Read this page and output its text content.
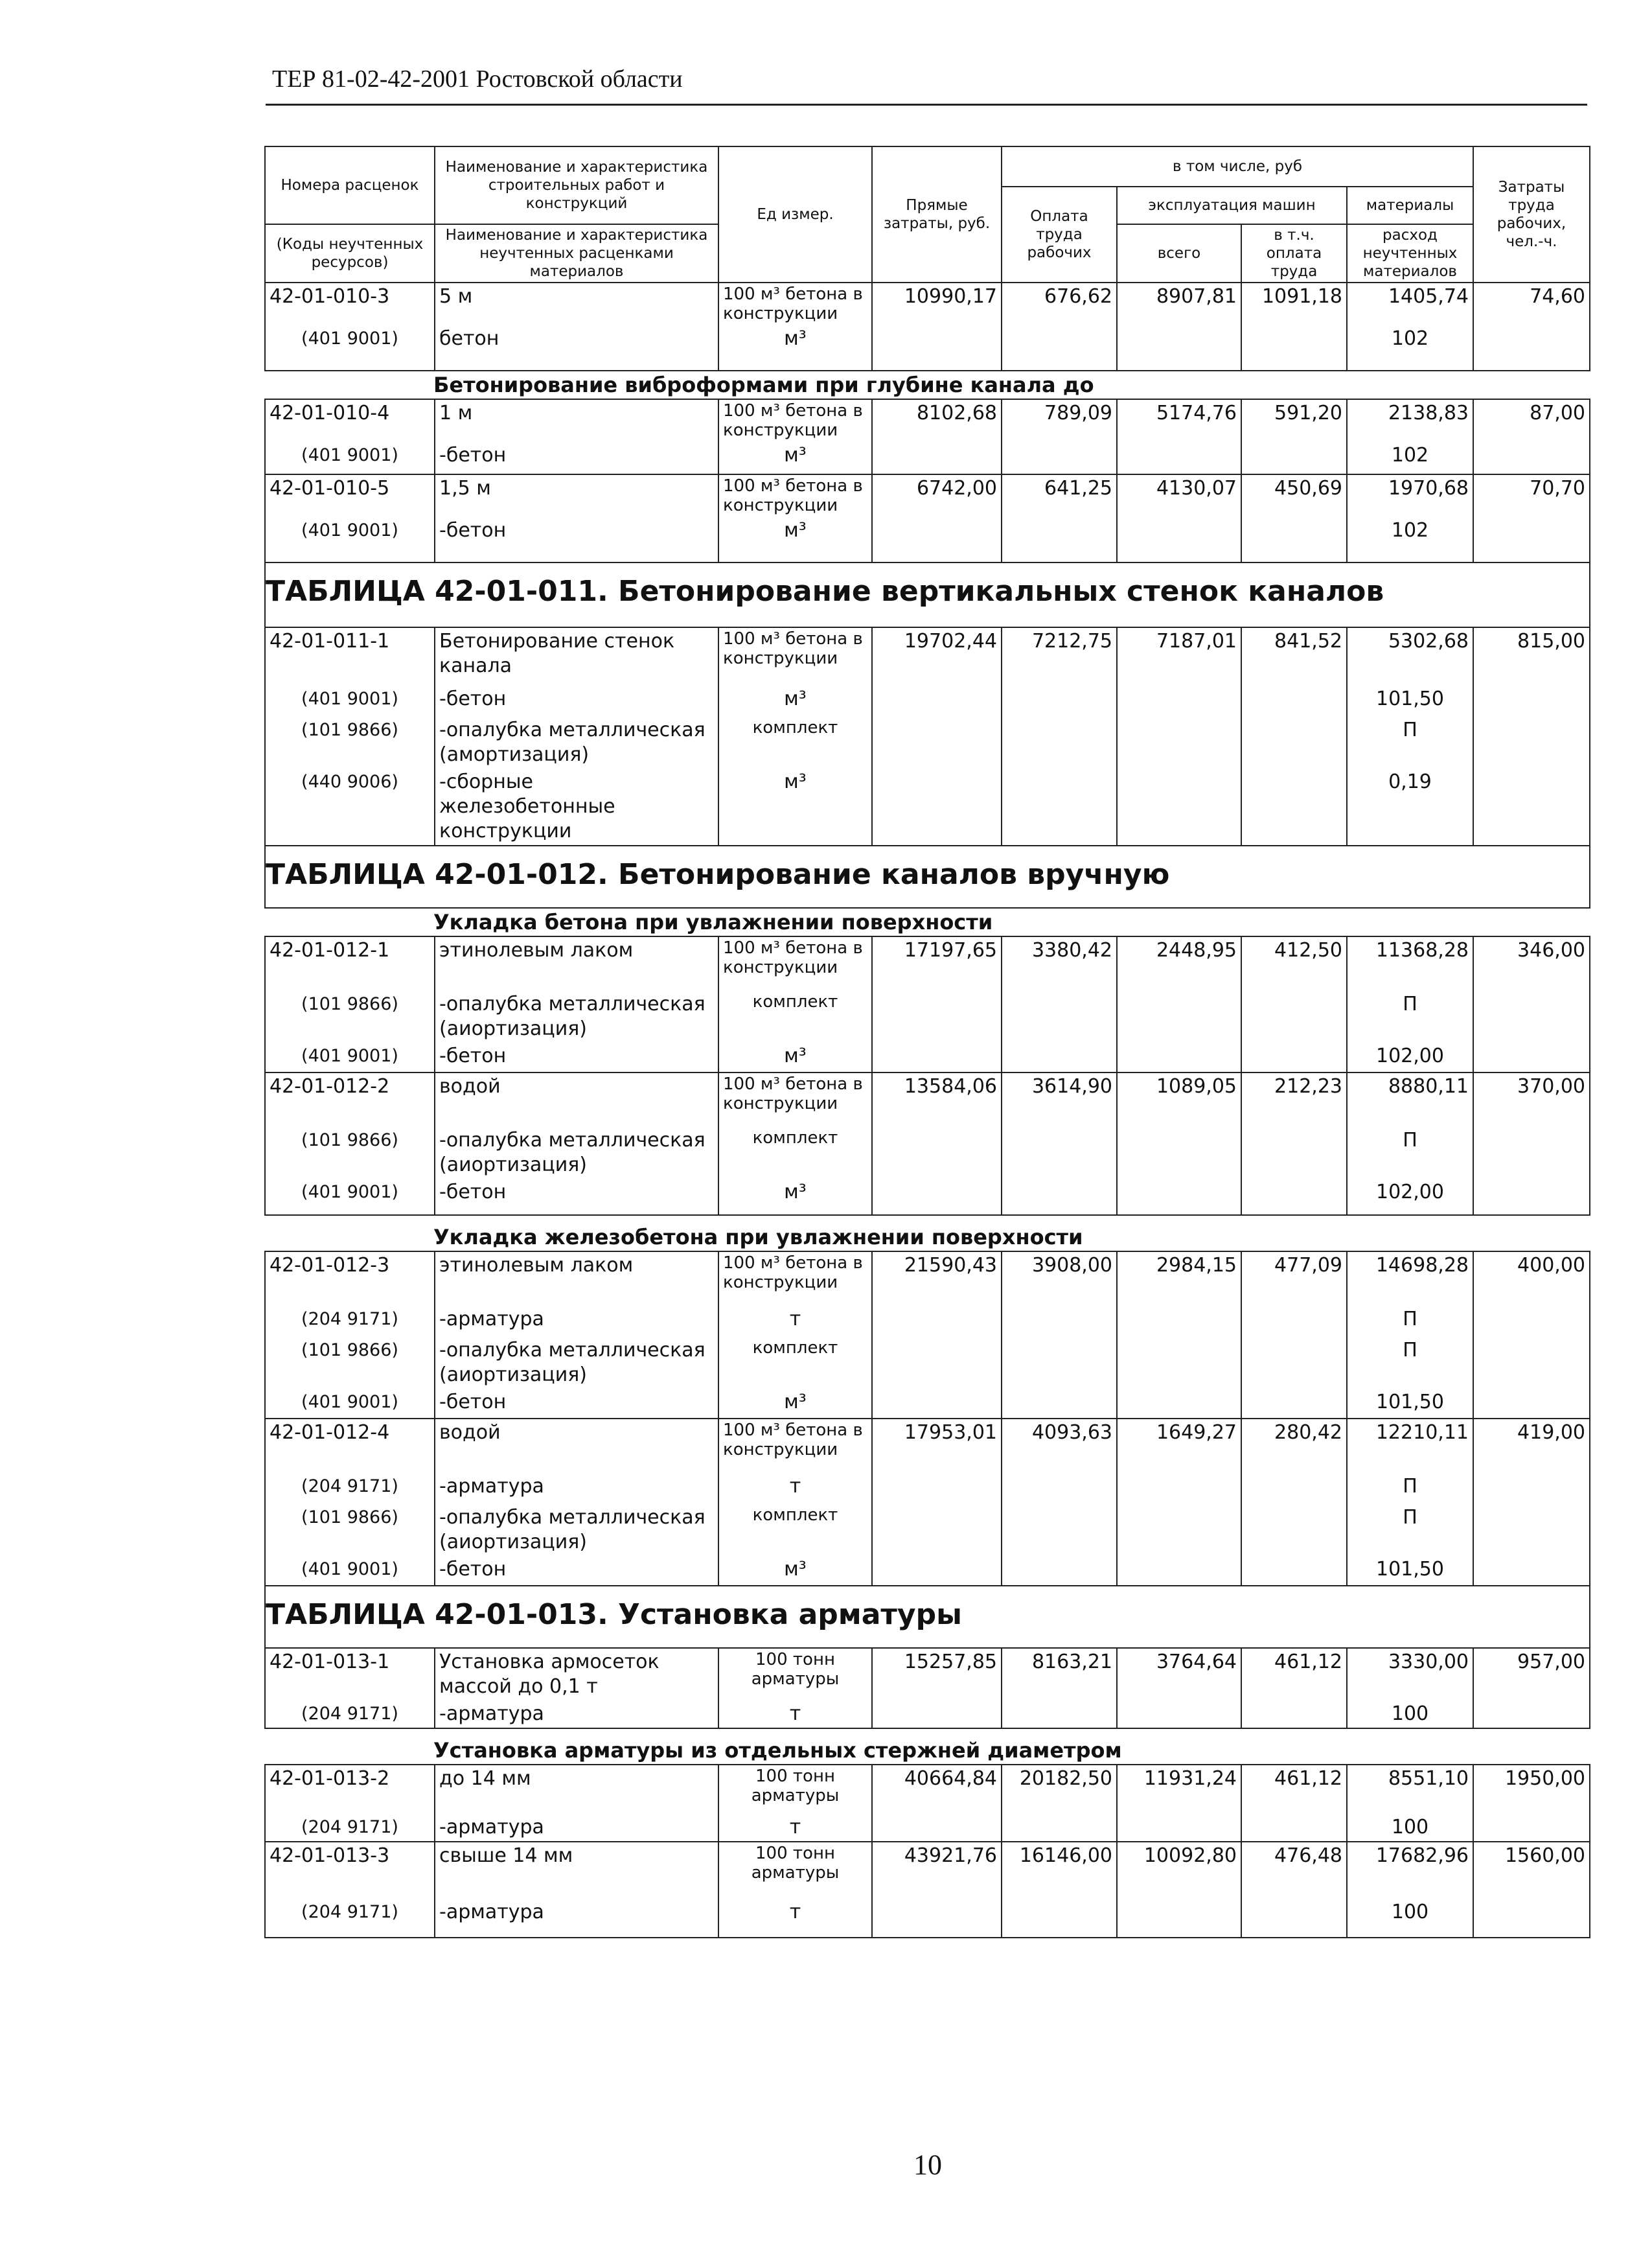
ТЕР 81-02-42-2001 Ростовской области
Номера расценок	Наименование и характеристика строительных работ и конструкций	Ед измер.	Прямые затраты, руб.	в том числе, руб				Затраты труда рабочих, чел.-ч.
				Оплата труда рабочих	эксплуатация машин		материалы	
(Коды неучтенных ресурсов)	Наименование и характеристика неучтенных расценками материалов				всего	в т.ч. оплата труда	расход неучтенных материалов	

42-01-010-3	5 м	100 м³ бетона в конструкции	10990,17	676,62	8907,81	1091,18	1405,74	74,60
(401 9001)	бетон	м³					102	
Бетонирование виброформами при глубине канала до								
42-01-010-4	1 м	100 м³ бетона в конструкции	8102,68	789,09	5174,76	591,20	2138,83	87,00
(401 9001)	-бетон	м³					102	
42-01-010-5	1,5 м	100 м³ бетона в конструкции	6742,00	641,25	4130,07	450,69	1970,68	70,70
(401 9001)	-бетон	м³					102	
ТАБЛИЦА 42-01-011. Бетонирование вертикальных стенок каналов								
42-01-011-1	Бетонирование стенок канала	100 м³ бетона в конструкции	19702,44	7212,75	7187,01	841,52	5302,68	815,00
(401 9001)	-бетон	м³					101,50	
(101 9866)	-опалубка металлическая (амортизация)	комплект					П	
(440 9006)	-сборные железобетонные конструкции	м³					0,19	
ТАБЛИЦА 42-01-012. Бетонирование каналов вручную								
Укладка бетона при увлажнении поверхности								
42-01-012-1	этинолевым лаком	100 м³ бетона в конструкции	17197,65	3380,42	2448,95	412,50	11368,28	346,00
(101 9866)	-опалубка металлическая (аиортизация)	комплект					П	
(401 9001)	-бетон	м³					102,00	
42-01-012-2	водой	100 м³ бетона в конструкции	13584,06	3614,90	1089,05	212,23	8880,11	370,00
(101 9866)	-опалубка металлическая (аиортизация)	комплект					П	
(401 9001)	-бетон	м³					102,00	
Укладка железобетона при увлажнении поверхности								
42-01-012-3	этинолевым лаком	100 м³ бетона в конструкции	21590,43	3908,00	2984,15	477,09	14698,28	400,00
(204 9171)	-арматура	т					П	
(101 9866)	-опалубка металлическая (аиортизация)	комплект					П	
(401 9001)	-бетон	м³					101,50	
42-01-012-4	водой	100 м³ бетона в конструкции	17953,01	4093,63	1649,27	280,42	12210,11	419,00
(204 9171)	-арматура	т					П	
(101 9866)	-опалубка металлическая (аиортизация)	комплект					П	
(401 9001)	-бетон	м³					101,50	
ТАБЛИЦА 42-01-013. Установка арматуры								
42-01-013-1	Установка армосеток массой до 0,1 т	100 тонн арматуры	15257,85	8163,21	3764,64	461,12	3330,00	957,00
(204 9171)	-арматура	т					100	
Установка арматуры из отдельных стержней диаметром								
42-01-013-2	до 14 мм	100 тонн арматуры	40664,84	20182,50	11931,24	461,12	8551,10	1950,00
(204 9171)	-арматура	т					100	
42-01-013-3	свыше 14 мм	100 тонн арматуры	43921,76	16146,00	10092,80	476,48	17682,96	1560,00
(204 9171)	-арматура	т					100	
10
